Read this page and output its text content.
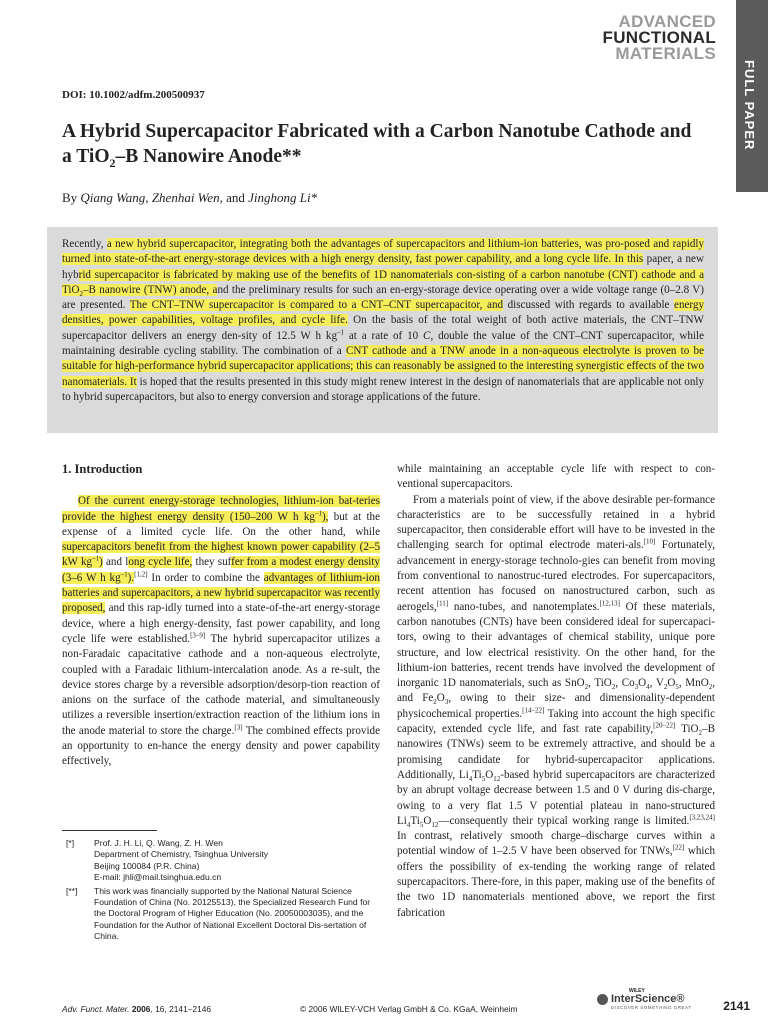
ADVANCED
FUNCTIONAL
MATERIALS
FULL PAPER
DOI: 10.1002/adfm.200500937
A Hybrid Supercapacitor Fabricated with a Carbon Nanotube Cathode and a TiO$_2$–B Nanowire Anode**
By Qiang Wang, Zhenhai Wen, and Jinghong Li*
Recently, a new hybrid supercapacitor, integrating both the advantages of supercapacitors and lithium-ion batteries, was pro-posed and rapidly turned into state-of-the-art energy-storage devices with a high energy density, fast power capability, and a long cycle life. In this paper, a new hybrid supercapacitor is fabricated by making use of the benefits of 1D nanomaterials con-sisting of a carbon nanotube (CNT) cathode and a TiO$_2$–B nanowire (TNW) anode, and the preliminary results for such an en-ergy-storage device operating over a wide voltage range (0–2.8 V) are presented. The CNT–TNW supercapacitor is compared to a CNT–CNT supercapacitor, and discussed with regards to available energy densities, power capabilities, voltage profiles, and cycle life. On the basis of the total weight of both active materials, the CNT–TNW supercapacitor delivers an energy den-sity of 12.5 W h $kg^{-1}$ at a rate of 10 C, double the value of the CNT–CNT supercapacitor, while maintaining desirable cycling stability. The combination of a CNT cathode and a TNW anode in a non-aqueous electrolyte is proven to be suitable for high-performance hybrid supercapacitor applications; this can reasonably be assigned to the interesting synergistic effects of the two nanomaterials. It is hoped that the results presented in this study might renew interest in the design of nanomaterials that are applicable not only to hybrid supercapacitors, but also to energy conversion and storage applications of the future.
1. Introduction

Of the current energy-storage technologies, lithium-ion bat-teries provide the highest energy density (150–200 W h $kg^{-1}$), but at the expense of a limited cycle life. On the other hand, while supercapacitors benefit from the highest known power capability (2–5 kW $kg^{-1}$) and long cycle life, they suffer from a modest energy density (3–6 W h $kg^{-1}).[1,2]$ In order to combine the advantages of lithium-ion batteries and supercapacitors, a new hybrid supercapacitor was recently proposed, and this rap-idly turned into a state-of-the-art energy-storage device, where a high energy-density, fast power capability, and long cycle life were established.[3–9] The hybrid supercapacitor utilizes a non-Faradaic capacitative cathode and a non-aqueous electrolyte, coupled with a Faradaic lithium-intercalation anode. As a re-sult, the device stores charge by a reversible adsorption/desorp-tion reaction of anions on the surface of the cathode material, and simultaneously utilizes a reversible insertion/extraction reaction of the lithium ions in the anode material to store the charge.[3] The combined effects provide an opportunity to en-hance the energy density and power capability effectively,

while maintaining an acceptable cycle life with respect to con-ventional supercapacitors.

From a materials point of view, if the above desirable per-formance characteristics are to be successfully retained in a hybrid supercapacitor, then considerable effort will have to be invested in the challenging search for optimal electrode materi-als.[10] Fortunately, advancement in energy-storage technolo-gies can benefit from moving from conventional to nanostruc-tured electrodes. For supercapacitors, recent attention has focused on nanostructured carbon, such as aerogels,[11] nano-tubes, and nanotemplates.[12,13] Of these materials, carbon nanotubes (CNTs) have been considered ideal for supercapaci-tors, owing to their advantages of chemical stability, unique pore structure, and low electrical resistivity. On the other hand, for the lithium-ion batteries, recent trends have involved the development of inorganic 1D nanomaterials, such as SnO$_2$, TiO$_2$, $Co_3O_4$, $V_2O_5$, MnO$_2$, and $Fe_2O_3$, owing to their size- and dimensionality-dependent physicochemical properties.[14–22] Taking into account the high specific capacity, extended cycle life, and fast rate capability,[20–22] TiO$_2$–B nanowires (TNWs) seem to be extremely attractive, and should be a promising candidate for hybrid-supercapacitor applications. Additionally, $Li_4Ti_5O_{12}$-based hybrid supercapacitors are characterized by an abrupt voltage decrease between 1.5 and 0 V during dis-charge, owing to a very flat 1.5 V potential plateau in nano-structured $Li_4Ti_5O_{12}—consequently$ their typical working range is limited.[3,23,24] In contrast, relatively smooth charge–discharge curves within a potential window of 1–2.5 V have been observed for TNWs,[22] which offers the possibility of ex-tending the working range of related supercapacitors. There-fore, in this paper, making use of the benefits of the two 1D nanomaterials mentioned above, we report the first fabrication

[*]	Prof. J. H. Li, Q. Wang, Z. H. Wen
Department of Chemistry, Tsinghua University
Beijing 100084 (P.R. China)
E-mail: jhli@mail.tsinghua.edu.cn
[**]	This work was financially supported by the National Natural Science Foundation of China (No. 20125513), the Specialized Research Fund for the Doctoral Program of Higher Education (No. 20050003035), and the Foundation for the Author of National Excellent Doctoral Dis-sertation of China.
Adv. Funct. Mater. 2006, 16, 2141–2146	© 2006 WILEY-VCH Verlag GmbH & Co. KGaA, Weinheim
WILEY
InterScience®
DISCOVER SOMETHING GREAT	2141
